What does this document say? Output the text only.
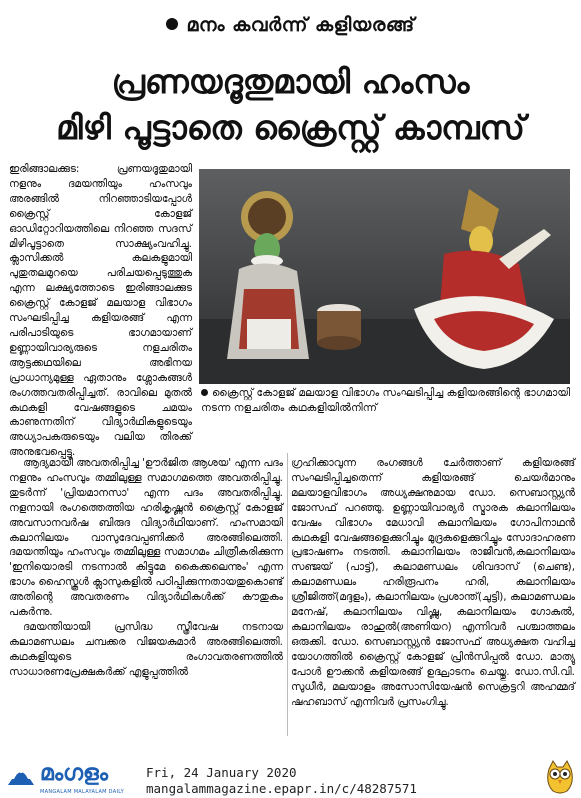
മനം കവർന്ന് കളിയരങ്ങ്
പ്രണയദൂതുമായി ഹംസം
മിഴി പൂട്ടാതെ ക്രൈസ്റ്റ് കാമ്പസ്

ഇരിങ്ങാലക്കുട: പ്രണയദൂതുമായി നളനും ദമയന്തിയും ഹംസവും അരങ്ങിൽ നിറഞ്ഞാടിയപ്പോൾ ക്രൈസ്റ്റ് കോളജ് ഓഡിറ്റോറിയത്തിലെ നിറഞ്ഞ സദസ് മിഴിപൂട്ടാതെ സാക്ഷ്യംവഹിച്ചു. ക്ലാസിക്കൽ കലകളുമായി പുതുതലമുറയെ പരിചയപ്പെടുത്തുക എന്ന ലക്ഷ്യത്തോടെ ഇരിങ്ങാലക്കുട ക്രൈസ്റ്റ് കോളജ് മലയാള വിഭാഗം സംഘടിപ്പിച്ച കളിയരങ്ങ് എന്ന പരിപാടിയുടെ ഭാഗമായാണ് ഉണ്ണായിവാര്യരുടെ നളചരിതം ആട്ടക്കഥയിലെ അഭിനയ പ്രാധാന്യമുള്ള ഏതാനും ശ്ലോകങ്ങൾ രംഗത്തവതരിപ്പിച്ചത്. രാവിലെ മുതൽ കഥകളി വേഷങ്ങളുടെ ചമയം കാണുന്നതിന് വിദ്യാർഥികളുടെയും അധ്യാപകരുടെയും വലിയ തിരക്ക് അനുഭവപ്പെട്ടു.

ക്രൈസ്റ്റ് കോളജ് മലയാള വിഭാഗം സംഘടിപ്പിച്ച കളിയരങ്ങിന്റെ ഭാഗമായി നടന്ന നളചരിതം കഥകളിയിൽനിന്ന്

ആദ്യമായി അവതരിപ്പിച്ച 'ഊർജിത ആശയ' എന്ന പദം നളനും ഹംസവും തമ്മിലുള്ള സമാഗമത്തെ അവതരിപ്പിച്ചു. തുടർന്ന് 'പ്രിയമാനസാ' എന്ന പദം അവതരിപ്പിച്ചു. നളനായി രംഗത്തെത്തിയ ഹരികൃഷ്ണൻ ക്രൈസ്റ്റ് കോളജ് അവസാനവർഷ ബിരുദ വിദ്യാർഥിയാണ്. ഹംസമായി കലാനിലയം വാസുദേവപ്പണിക്കർ അരങ്ങിലെത്തി. ദമയന്തിയും ഹംസവും തമ്മിലുള്ള സമാഗമം ചിത്രീകരിക്കുന്ന 'ഇനിയൊരടി നടന്നാൽ കിട്ടുമേ കൈക്കലെന്നും' എന്ന ഭാഗം ഹൈസ്കൂൾ ക്ലാസുകളിൽ പഠിപ്പിക്കുന്നതായതുകൊണ്ട് അതിന്റെ അവതരണം വിദ്യാർഥികൾക്ക് കൗതുകം പകർന്നു.

ദമയന്തിയായി പ്രസിദ്ധ സ്ത്രീവേഷ നടനായ കലാമണ്ഡലം ചമ്പക്കര വിജയകുമാർ അരങ്ങിലെത്തി. കഥകളിയുടെ രംഗാവതരണത്തിൽ സാധാരണപ്രേക്ഷകർക്ക് എളുപ്പത്തിൽ

ഗ്രഹിക്കാവുന്ന രംഗങ്ങൾ ചേർത്താണ് കളിയരങ്ങ് സംഘടിപ്പിച്ചതെന്ന് കളിയരങ്ങ് ചെയർമാനും മലയാളവിഭാഗം അധ്യക്ഷനുമായ ഡോ. സെബാസ്റ്റ്യൻ ജോസഫ് പറഞ്ഞു. ഉണ്ണായിവാര്യർ സ്മാരക കലാനിലയം വേഷം വിഭാഗം മേധാവി കലാനിലയം ഗോപിനാഥൻ കഥകളി വേഷങ്ങളെക്കുറിച്ചും മുദ്രകളെക്കുറിച്ചും സോദാഹരണ പ്രഭാഷണം നടത്തി. കലാനിലയം രാജീവൻ,കലാനിലയം സഞ്ജയ് (പാട്ട്), കലാമണ്ഡലം ശിവദാസ് (ചെണ്ട), കലാമണ്ഡലം ഹരിരൂപനം ഹരി, കലാനിലയം ശ്രീജിത്ത്(മദ്ദളം), കലാനിലയം പ്രശാന്ത്(ചുട്ടി), കലാമണ്ഡലം മനേഷ്, കലാനിലയം വിഷ്ണു, കലാനിലയം ഗോകുൽ, കലാനിലയം രാഹുൽ(അണിയറ) എന്നിവർ പശ്ചാത്തലം ഒരുക്കി. ഡോ. സെബാസ്റ്റ്യൻ ജോസഫ് അധ്യക്ഷത വഹിച്ച യോഗത്തിൽ ക്രൈസ്റ്റ് കോളജ് പ്രിൻസിപ്പൽ ഡോ. മാത്യു പോൾ ഊക്കൻ കളിയരങ്ങ് ഉദ്ഘാടനം ചെയ്തു. ഡോ.സി.വി. സുധീർ, മലയാളം അസോസിയേഷൻ സെക്രട്ടറി അഹമ്മദ് ഷഹബാസ് എന്നിവർ പ്രസംഗിച്ചു.

മംഗളം
MANGALAM MALAYALAM DAILY
Fri, 24 January 2020
mangalammagazine.epapr.in/c/48287571
